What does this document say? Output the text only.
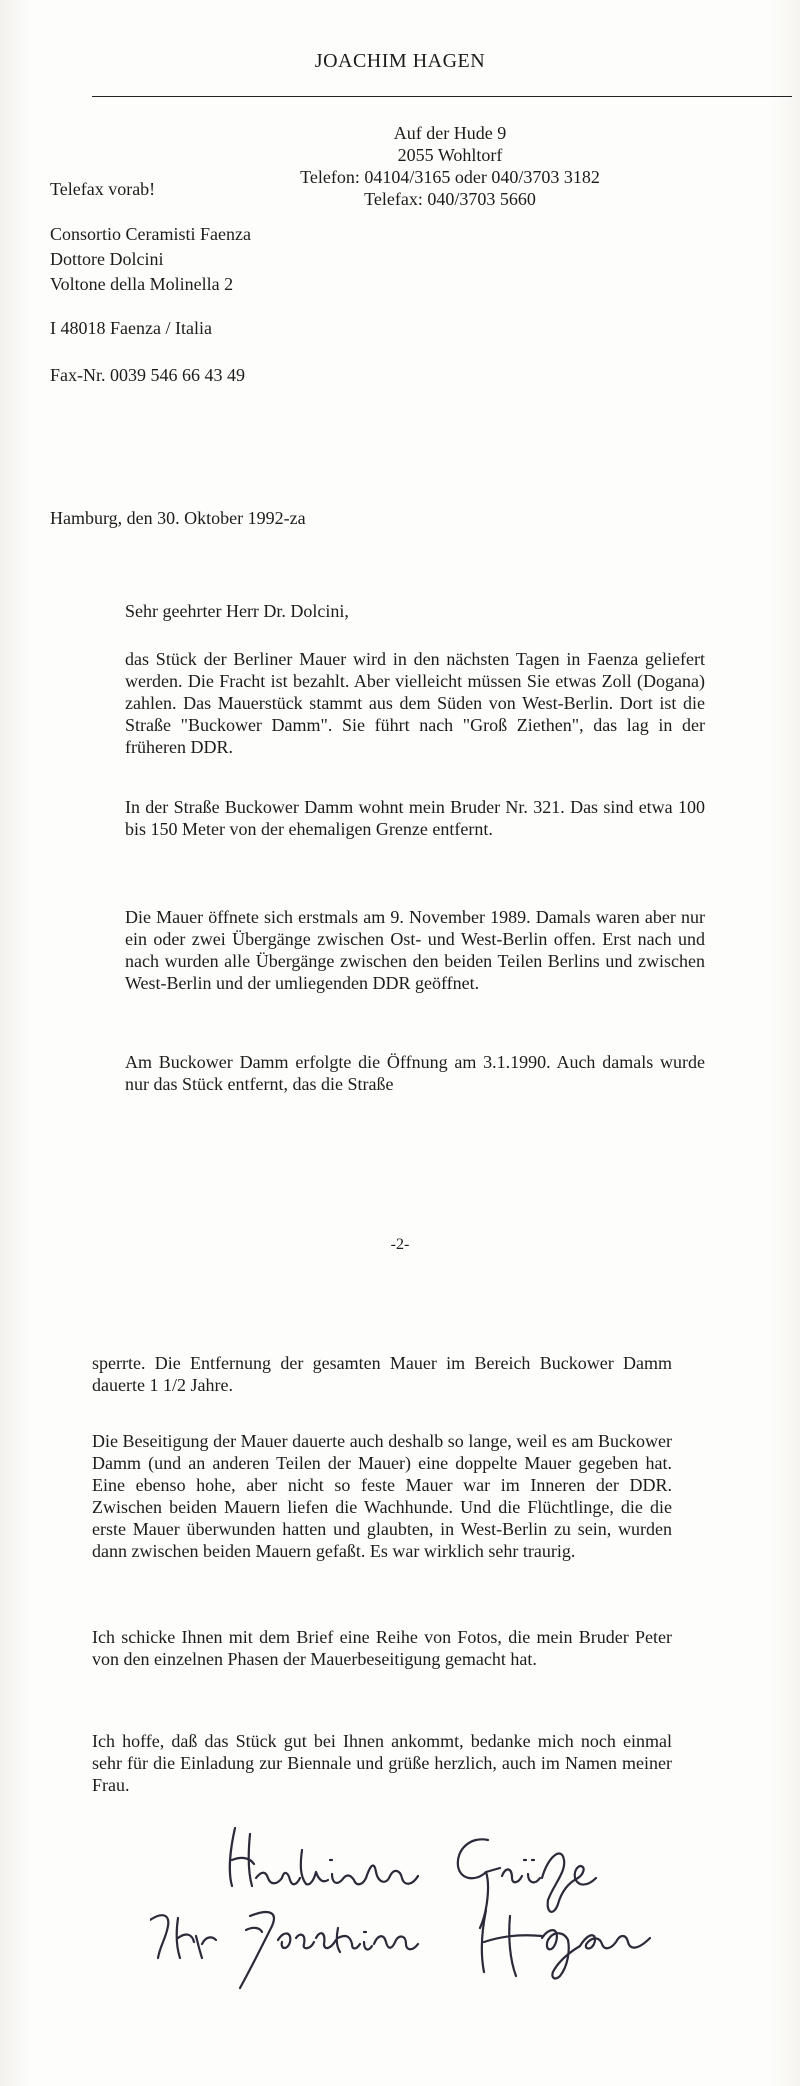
JOACHIM HAGEN
Auf der Hude 9
2055 Wohltorf
Telefon: 04104/3165 oder 040/3703 3182
Telefax: 040/3703 5660
Telefax vorab!
Consortio Ceramisti Faenza
Dottore Dolcini
Voltone della Molinella 2
I 48018 Faenza / Italia
Fax-Nr. 0039 546 66 43 49
Hamburg, den 30. Oktober 1992-za
Sehr geehrter Herr Dr. Dolcini,

das Stück der Berliner Mauer wird in den nächsten Tagen in Faenza geliefert werden. Die Fracht ist bezahlt. Aber vielleicht müssen Sie etwas Zoll (Dogana) zahlen. Das Mauerstück stammt aus dem Süden von West-Berlin. Dort ist die Straße "Buckower Damm". Sie führt nach "Groß Ziethen", das lag in der früheren DDR.

In der Straße Buckower Damm wohnt mein Bruder Nr. 321. Das sind etwa 100 bis 150 Meter von der ehemaligen Grenze entfernt.

Die Mauer öffnete sich erstmals am 9. November 1989. Damals waren aber nur ein oder zwei Übergänge zwischen Ost- und West-Berlin offen. Erst nach und nach wurden alle Übergänge zwischen den beiden Teilen Berlins und zwischen West-Berlin und der umliegenden DDR geöffnet.

Am Buckower Damm erfolgte die Öffnung am 3.1.1990. Auch damals wurde nur das Stück entfernt, das die Straße

-2-

sperrte. Die Entfernung der gesamten Mauer im Bereich Buckower Damm dauerte 1 1/2 Jahre.

Die Beseitigung der Mauer dauerte auch deshalb so lange, weil es am Buckower Damm (und an anderen Teilen der Mauer) eine doppelte Mauer gegeben hat. Eine ebenso hohe, aber nicht so feste Mauer war im Inneren der DDR. Zwischen beiden Mauern liefen die Wachhunde. Und die Flüchtlinge, die die erste Mauer überwunden hatten und glaubten, in West-Berlin zu sein, wurden dann zwischen beiden Mauern gefaßt. Es war wirklich sehr traurig.

Ich schicke Ihnen mit dem Brief eine Reihe von Fotos, die mein Bruder Peter von den einzelnen Phasen der Mauerbeseitigung gemacht hat.

Ich hoffe, daß das Stück gut bei Ihnen ankommt, bedanke mich noch einmal sehr für die Einladung zur Biennale und grüße herzlich, auch im Namen meiner Frau.
